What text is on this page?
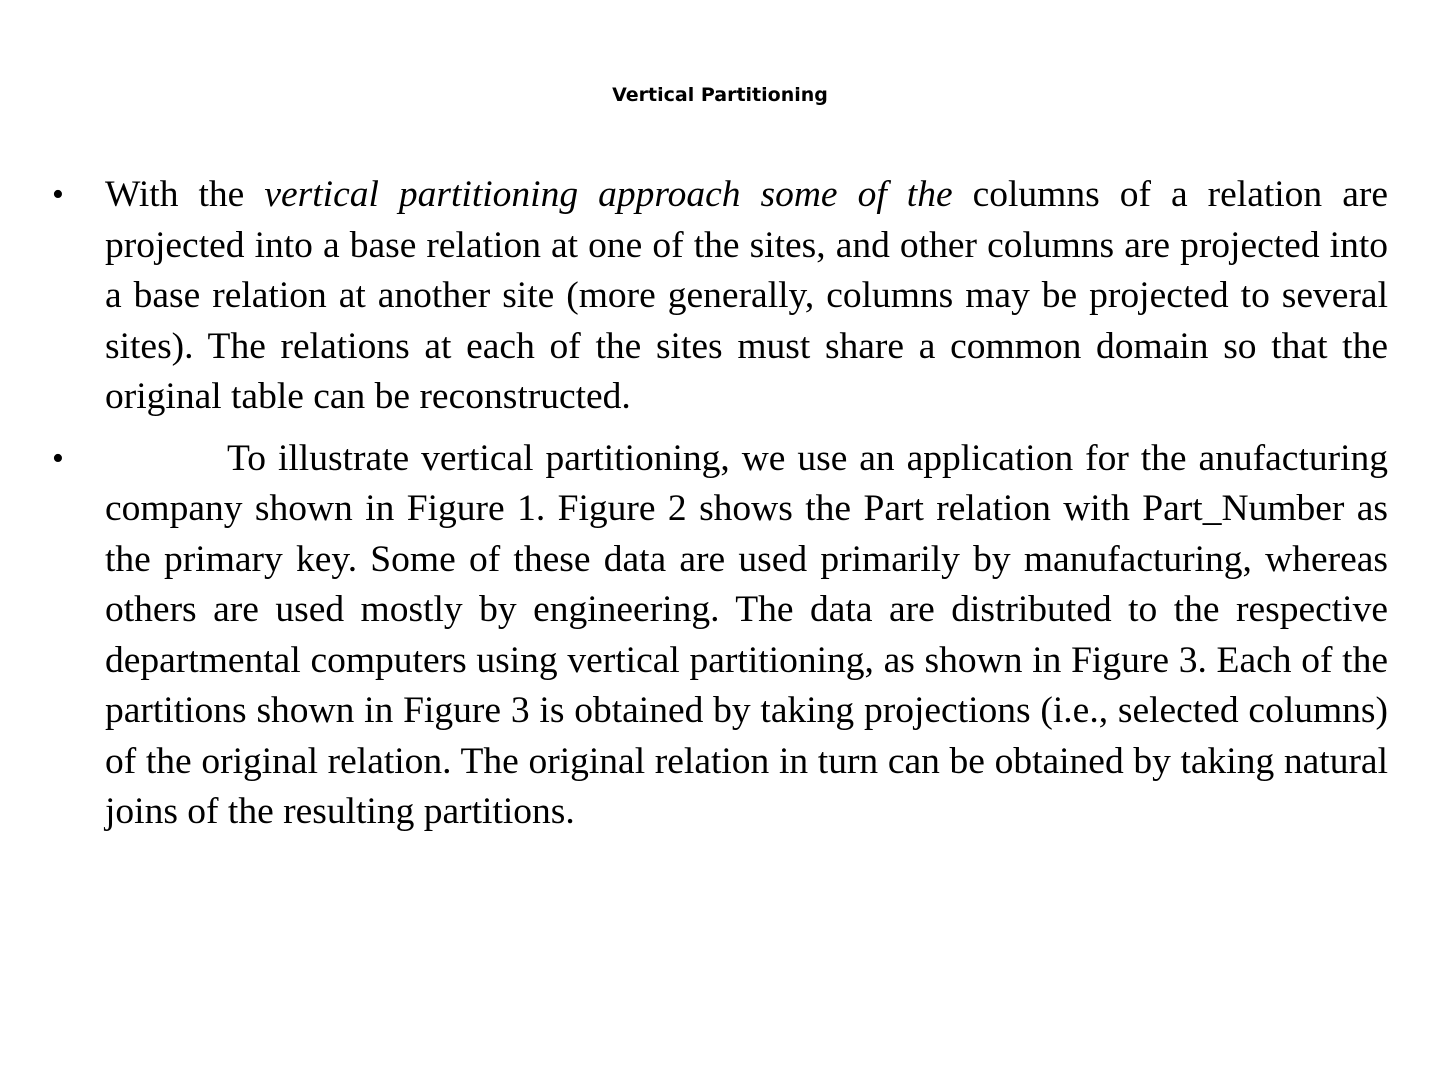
Vertical Partitioning
•	With the vertical partitioning approach some of the columns of a relation are projected into a base relation at one of the sites, and other columns are projected into a base relation at another site (more generally, columns may be projected to several sites). The relations at each of the sites must share a common domain so that the original table can be reconstructed.

•	To illustrate vertical partitioning, we use an application for the anufacturing company shown in Figure 1. Figure 2 shows the Part relation with Part_Number as the primary key. Some of these data are used primarily by manufacturing, whereas others are used mostly by engineering. The data are distributed to the respective departmental computers using vertical partitioning, as shown in Figure 3. Each of the partitions shown in Figure 3 is obtained by taking projections (i.e., selected columns) of the original relation. The original relation in turn can be obtained by taking natural joins of the resulting partitions.
